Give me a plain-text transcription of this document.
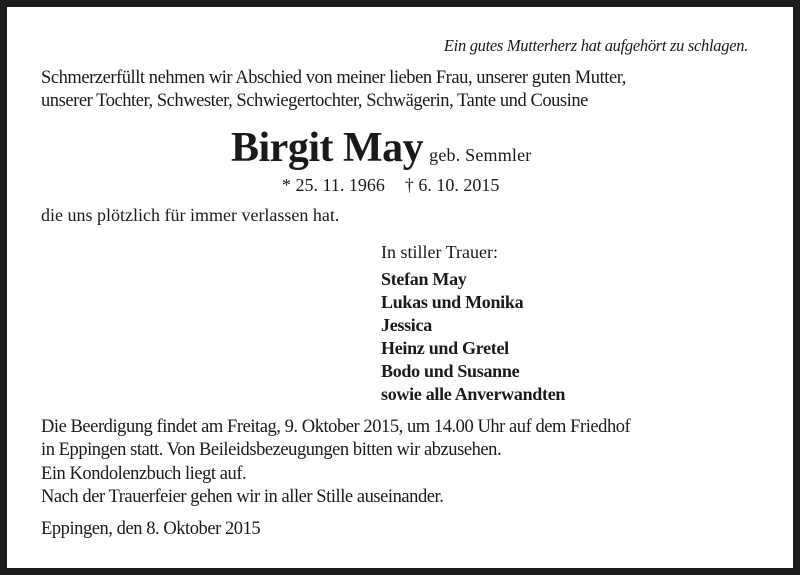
Ein gutes Mutterherz hat aufgehört zu schlagen.
Schmerzerfüllt nehmen wir Abschied von meiner lieben Frau, unserer guten Mutter,
unserer Tochter, Schwester, Schwiegertochter, Schwägerin, Tante und Cousine
Birgit May geb. Semmler
* 25. 11. 1966 † 6. 10. 2015
die uns plötzlich für immer verlassen hat.
In stiller Trauer:
Stefan May
Lukas und Monika
Jessica
Heinz und Gretel
Bodo und Susanne
sowie alle Anverwandten
Die Beerdigung findet am Freitag, 9. Oktober 2015, um 14.00 Uhr auf dem Friedhof
in Eppingen statt. Von Beileidsbezeugungen bitten wir abzusehen.
Ein Kondolenzbuch liegt auf.
Nach der Trauerfeier gehen wir in aller Stille auseinander.
Eppingen, den 8. Oktober 2015
